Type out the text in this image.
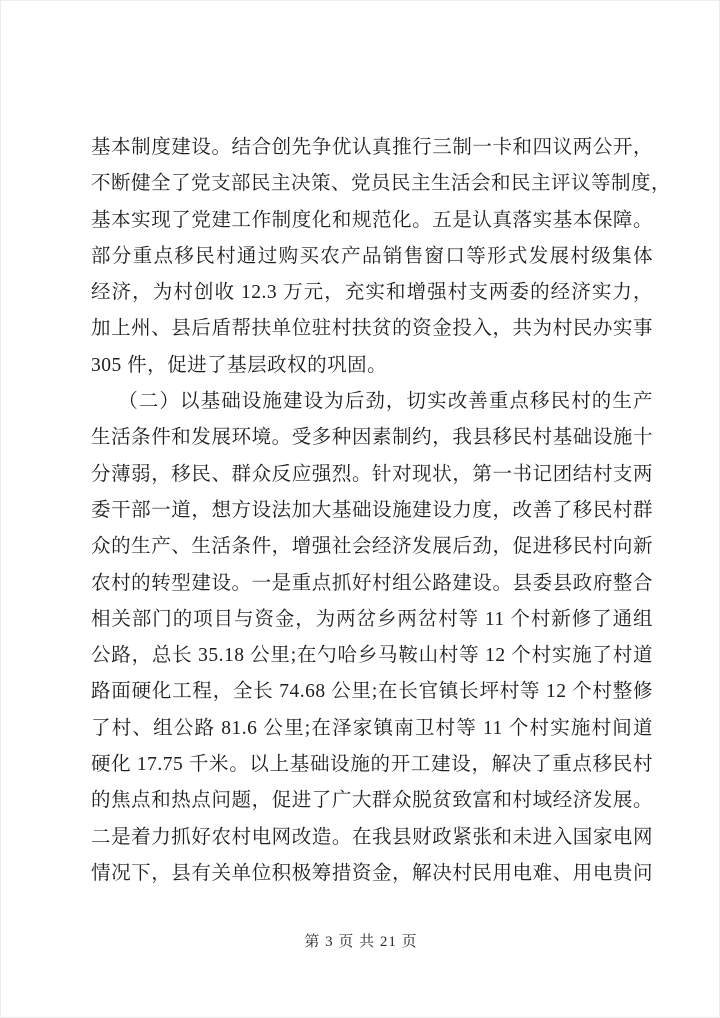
基本制度建设。结合创先争优认真推行三制一卡和四议两公开，
不断健全了党支部民主决策、党员民主生活会和民主评议等制度，
基本实现了党建工作制度化和规范化。五是认真落实基本保障。
部分重点移民村通过购买农产品销售窗口等形式发展村级集体
经济，为村创收 12.3 万元，充实和增强村支两委的经济实力，
加上州、县后盾帮扶单位驻村扶贫的资金投入，共为村民办实事
305 件，促进了基层政权的巩固。
（二）以基础设施建设为后劲，切实改善重点移民村的生产
生活条件和发展环境。受多种因素制约，我县移民村基础设施十
分薄弱，移民、群众反应强烈。针对现状，第一书记团结村支两
委干部一道，想方设法加大基础设施建设力度，改善了移民村群
众的生产、生活条件，增强社会经济发展后劲，促进移民村向新
农村的转型建设。一是重点抓好村组公路建设。县委县政府整合
相关部门的项目与资金，为两岔乡两岔村等 11 个村新修了通组
公路，总长 35.18 公里;在勺哈乡马鞍山村等 12 个村实施了村道
路面硬化工程，全长 74.68 公里;在长官镇长坪村等 12 个村整修
了村、组公路 81.6 公里;在泽家镇南卫村等 11 个村实施村间道
硬化 17.75 千米。以上基础设施的开工建设，解决了重点移民村
的焦点和热点问题，促进了广大群众脱贫致富和村域经济发展。
二是着力抓好农村电网改造。在我县财政紧张和未进入国家电网
情况下，县有关单位积极筹措资金，解决村民用电难、用电贵问
第 3 页 共 21 页
